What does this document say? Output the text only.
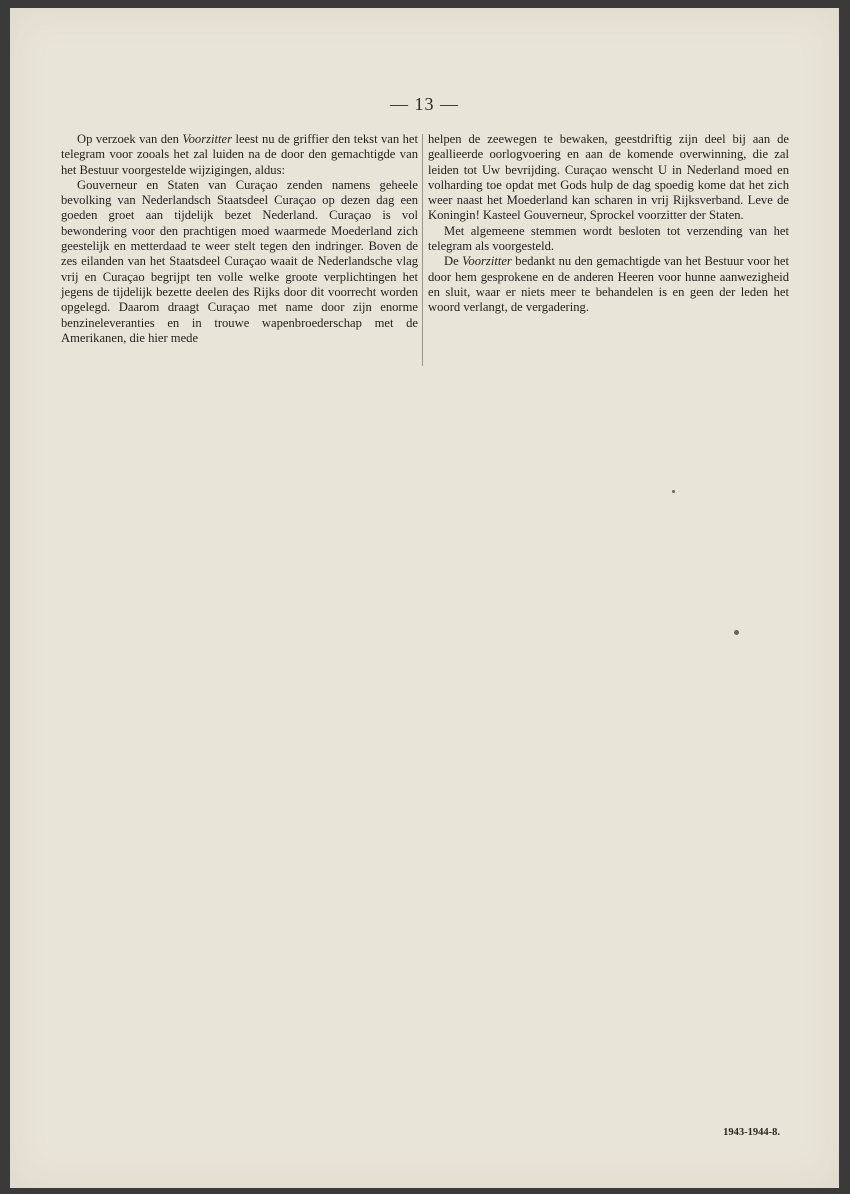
— 13 —

Op verzoek van den Voorzitter leest nu de griffier den tekst van het telegram voor zooals het zal luiden na de door den gemachtigde van het Bestuur voorgestelde wijzigingen, aldus:

Gouverneur en Staten van Curaçao zenden namens geheele bevolking van Nederlandsch Staatsdeel Curaçao op dezen dag een goeden groet aan tijdelijk bezet Nederland. Curaçao is vol bewondering voor den prachtigen moed waarmede Moederland zich geestelijk en metterdaad te weer stelt tegen den indringer. Boven de zes eilanden van het Staatsdeel Curaçao waait de Nederlandsche vlag vrij en Curaçao begrijpt ten volle welke groote verplichtingen het jegens de tijdelijk bezette deelen des Rijks door dit voorrecht worden opgelegd. Daarom draagt Curaçao met name door zijn enorme benzineleveranties en in trouwe wapenbroederschap met de Amerikanen, die hier mede

helpen de zeewegen te bewaken, geestdriftig zijn deel bij aan de geallieerde oorlogvoering en aan de komende overwinning, die zal leiden tot Uw bevrijding. Curaçao wenscht U in Nederland moed en volharding toe opdat met Gods hulp de dag spoedig kome dat het zich weer naast het Moederland kan scharen in vrij Rijksverband. Leve de Koningin! Kasteel Gouverneur, Sprockel voorzitter der Staten.

Met algemeene stemmen wordt besloten tot verzending van het telegram als voorgesteld.

De Voorzitter bedankt nu den gemachtigde van het Bestuur voor het door hem gesprokene en de anderen Heeren voor hunne aanwezigheid en sluit, waar er niets meer te behandelen is en geen der leden het woord verlangt, de vergadering.

1943-1944-8.
